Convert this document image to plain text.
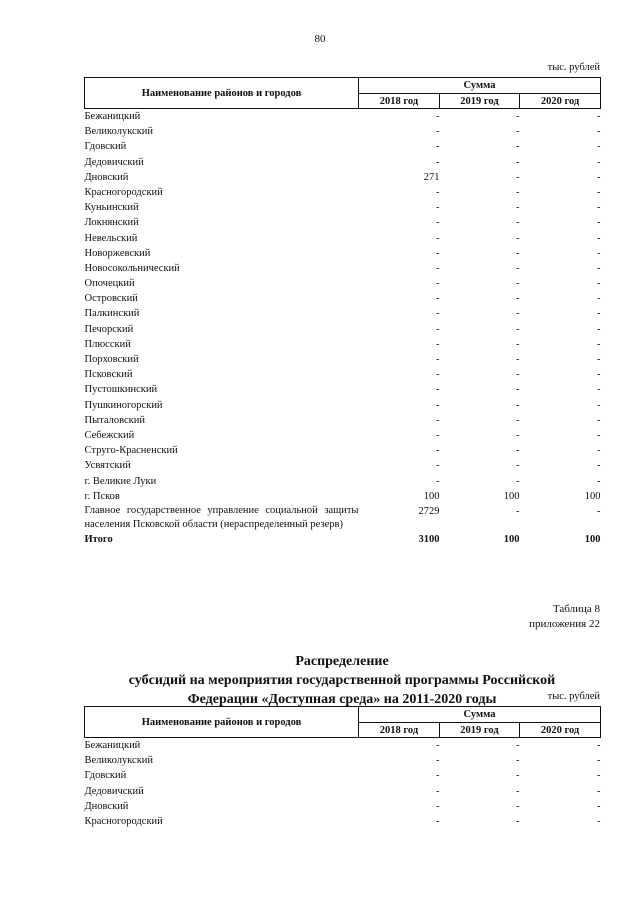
80
тыс. рублей
Наименование районов и городов	Сумма		
	2018 год	2019 год	2020 год
Бежаницкий	-	-	-
Великолукский	-	-	-
Гдовский	-	-	-
Дедовичский	-	-	-
Дновский	271	-	-
Красногородский	-	-	-
Куньинский	-	-	-
Локнянский	-	-	-
Невельский	-	-	-
Новоржевский	-	-	-
Новосокольнический	-	-	-
Опочецкий	-	-	-
Островский	-	-	-
Палкинский	-	-	-
Печорский	-	-	-
Плюсский	-	-	-
Порховский	-	-	-
Псковский	-	-	-
Пустошкинский	-	-	-
Пушкиногорский	-	-	-
Пыталовский	-	-	-
Себежский	-	-	-
Струго-Красненский	-	-	-
Усвятский	-	-	-
г. Великие Луки	-	-	-
г. Псков	100	100	100
Главное государственное управление социальной защиты населения Псковской области (нераспределенный резерв)	2729	-	-
Итого	3100	100	100
Таблица 8
приложения 22
Распределение
субсидий на мероприятия государственной программы Российской
Федерации «Доступная среда» на 2011-2020 годы	тыс. рублей
Наименование районов и городов	Сумма		
	2018 год	2019 год	2020 год
Бежаницкий	-	-	-
Великолукский	-	-	-
Гдовский	-	-	-
Дедовичский	-	-	-
Дновский	-	-	-
Красногородский	-	-	-
